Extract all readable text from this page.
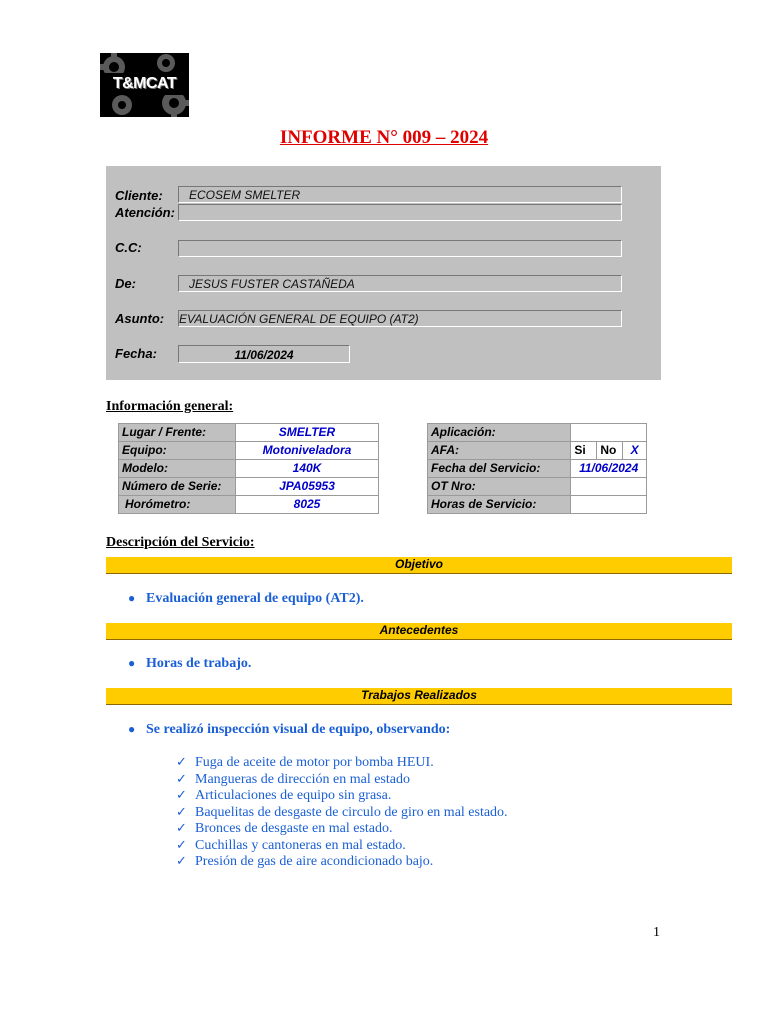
T&MCAT
INFORME N° 009 – 2024
Cliente:	ECOSEM SMELTER
Atención:
C.C:
De:	JESUS FUSTER CASTAÑEDA
Asunto: EVALUACIÓN GENERAL DE EQUIPO (AT2)
Fecha:	11/06/2024
Información general:
Lugar / Frente:	SMELTER
Equipo:	Motoniveladora
Modelo:	140K
Número de Serie:	JPA05953
Horómetro:	8025
Aplicación:			
AFA:	Si	No	X
Fecha del Servicio:	11/06/2024		
OT Nro:			
Horas de Servicio:			
Descripción del Servicio:
Objetivo
● Evaluación general de equipo (AT2).
Antecedentes
● Horas de trabajo.
Trabajos Realizados
● Se realizó inspección visual de equipo, observando:
✓ Fuga de aceite de motor por bomba HEUI.
✓ Mangueras de dirección en mal estado
✓ Articulaciones de equipo sin grasa.
✓ Baquelitas de desgaste de circulo de giro en mal estado.
✓ Bronces de desgaste en mal estado.
✓ Cuchillas y cantoneras en mal estado.
✓ Presión de gas de aire acondicionado bajo.
1
